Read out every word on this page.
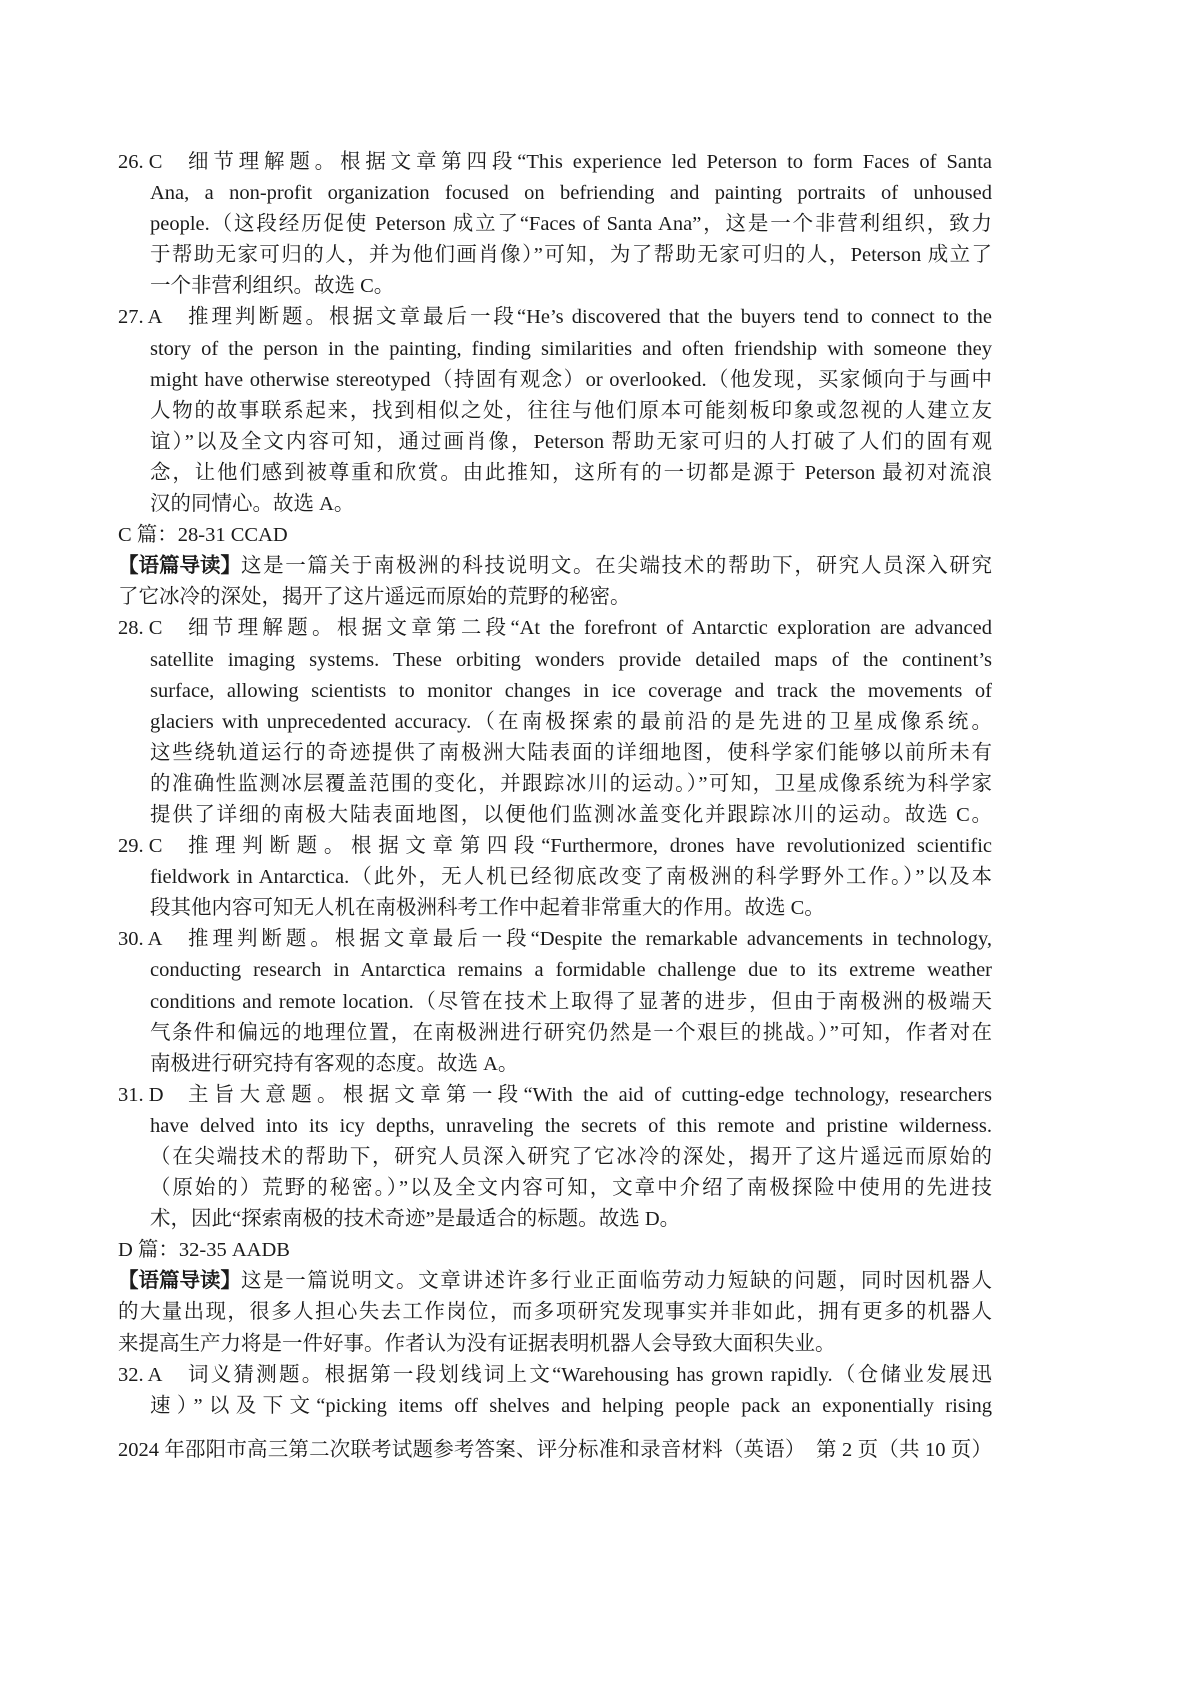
26. C	细节理解题。根据文章第四段“This experience led Peterson to form Faces of Santa
Ana, a non-profit organization focused on befriending and painting portraits of unhoused
people.（这段经历促使 Peterson 成立了“Faces of Santa Ana”，这是一个非营利组织，致力
于帮助无家可归的人，并为他们画肖像）”可知，为了帮助无家可归的人，Peterson 成立了
一个非营利组织。故选 C。
27. A	推理判断题。根据文章最后一段“He’s discovered that the buyers tend to connect to the
story of the person in the painting, finding similarities and often friendship with someone they
might have otherwise stereotyped（持固有观念）or overlooked.（他发现，买家倾向于与画中
人物的故事联系起来，找到相似之处，往往与他们原本可能刻板印象或忽视的人建立友
谊）”以及全文内容可知，通过画肖像，Peterson 帮助无家可归的人打破了人们的固有观
念，让他们感到被尊重和欣赏。由此推知，这所有的一切都是源于 Peterson 最初对流浪
汉的同情心。故选 A。
C 篇：28-31 CCAD
【语篇导读】 这是一篇关于南极洲的科技说明文。在尖端技术的帮助下，研究人员深入研究
了它冰冷的深处，揭开了这片遥远而原始的荒野的秘密。
28. C	细节理解题。根据文章第二段“At the forefront of Antarctic exploration are advanced
satellite imaging systems. These orbiting wonders provide detailed maps of the continent’s
surface, allowing scientists to monitor changes in ice coverage and track the movements of
glaciers with unprecedented accuracy.（在南极探索的最前沿的是先进的卫星成像系统。
这些绕轨道运行的奇迹提供了南极洲大陆表面的详细地图，使科学家们能够以前所未有
的准确性监测冰层覆盖范围的变化，并跟踪冰川的运动。）”可知，卫星成像系统为科学家
提供了详细的南极大陆表面地图，以便他们监测冰盖变化并跟踪冰川的运动。故选 C。
29. C	推理判断题。根据文章第四段“Furthermore, drones have revolutionized scientific
fieldwork in Antarctica.（此外，无人机已经彻底改变了南极洲的科学野外工作。）”以及本
段其他内容可知无人机在南极洲科考工作中起着非常重大的作用。故选 C。
30. A	推理判断题。根据文章最后一段“Despite the remarkable advancements in technology,
conducting research in Antarctica remains a formidable challenge due to its extreme weather
conditions and remote location.（尽管在技术上取得了显著的进步，但由于南极洲的极端天
气条件和偏远的地理位置，在南极洲进行研究仍然是一个艰巨的挑战。）”可知，作者对在
南极进行研究持有客观的态度。故选 A。
31. D	主旨大意题。根据文章第一段“With the aid of cutting-edge technology, researchers
have delved into its icy depths, unraveling the secrets of this remote and pristine wilderness.
（在尖端技术的帮助下，研究人员深入研究了它冰冷的深处，揭开了这片遥远而原始的
（原始的）荒野的秘密。）”以及全文内容可知，文章中介绍了南极探险中使用的先进技
术，因此“探索南极的技术奇迹”是最适合的标题。故选 D。
D 篇：32-35 AADB
【语篇导读】 这是一篇说明文。文章讲述许多行业正面临劳动力短缺的问题，同时因机器人
的大量出现，很多人担心失去工作岗位，而多项研究发现事实并非如此，拥有更多的机器人
来提高生产力将是一件好事。作者认为没有证据表明机器人会导致大面积失业。
32. A	词义猜测题。根据第一段划线词上文“Warehousing has grown rapidly.（仓储业发展迅
速）”以及下文“picking items off shelves and helping people pack an exponentially rising
2024 年邵阳市高三第二次联考试题参考答案、评分标准和录音材料（英语）　第 2 页（共 10 页）
